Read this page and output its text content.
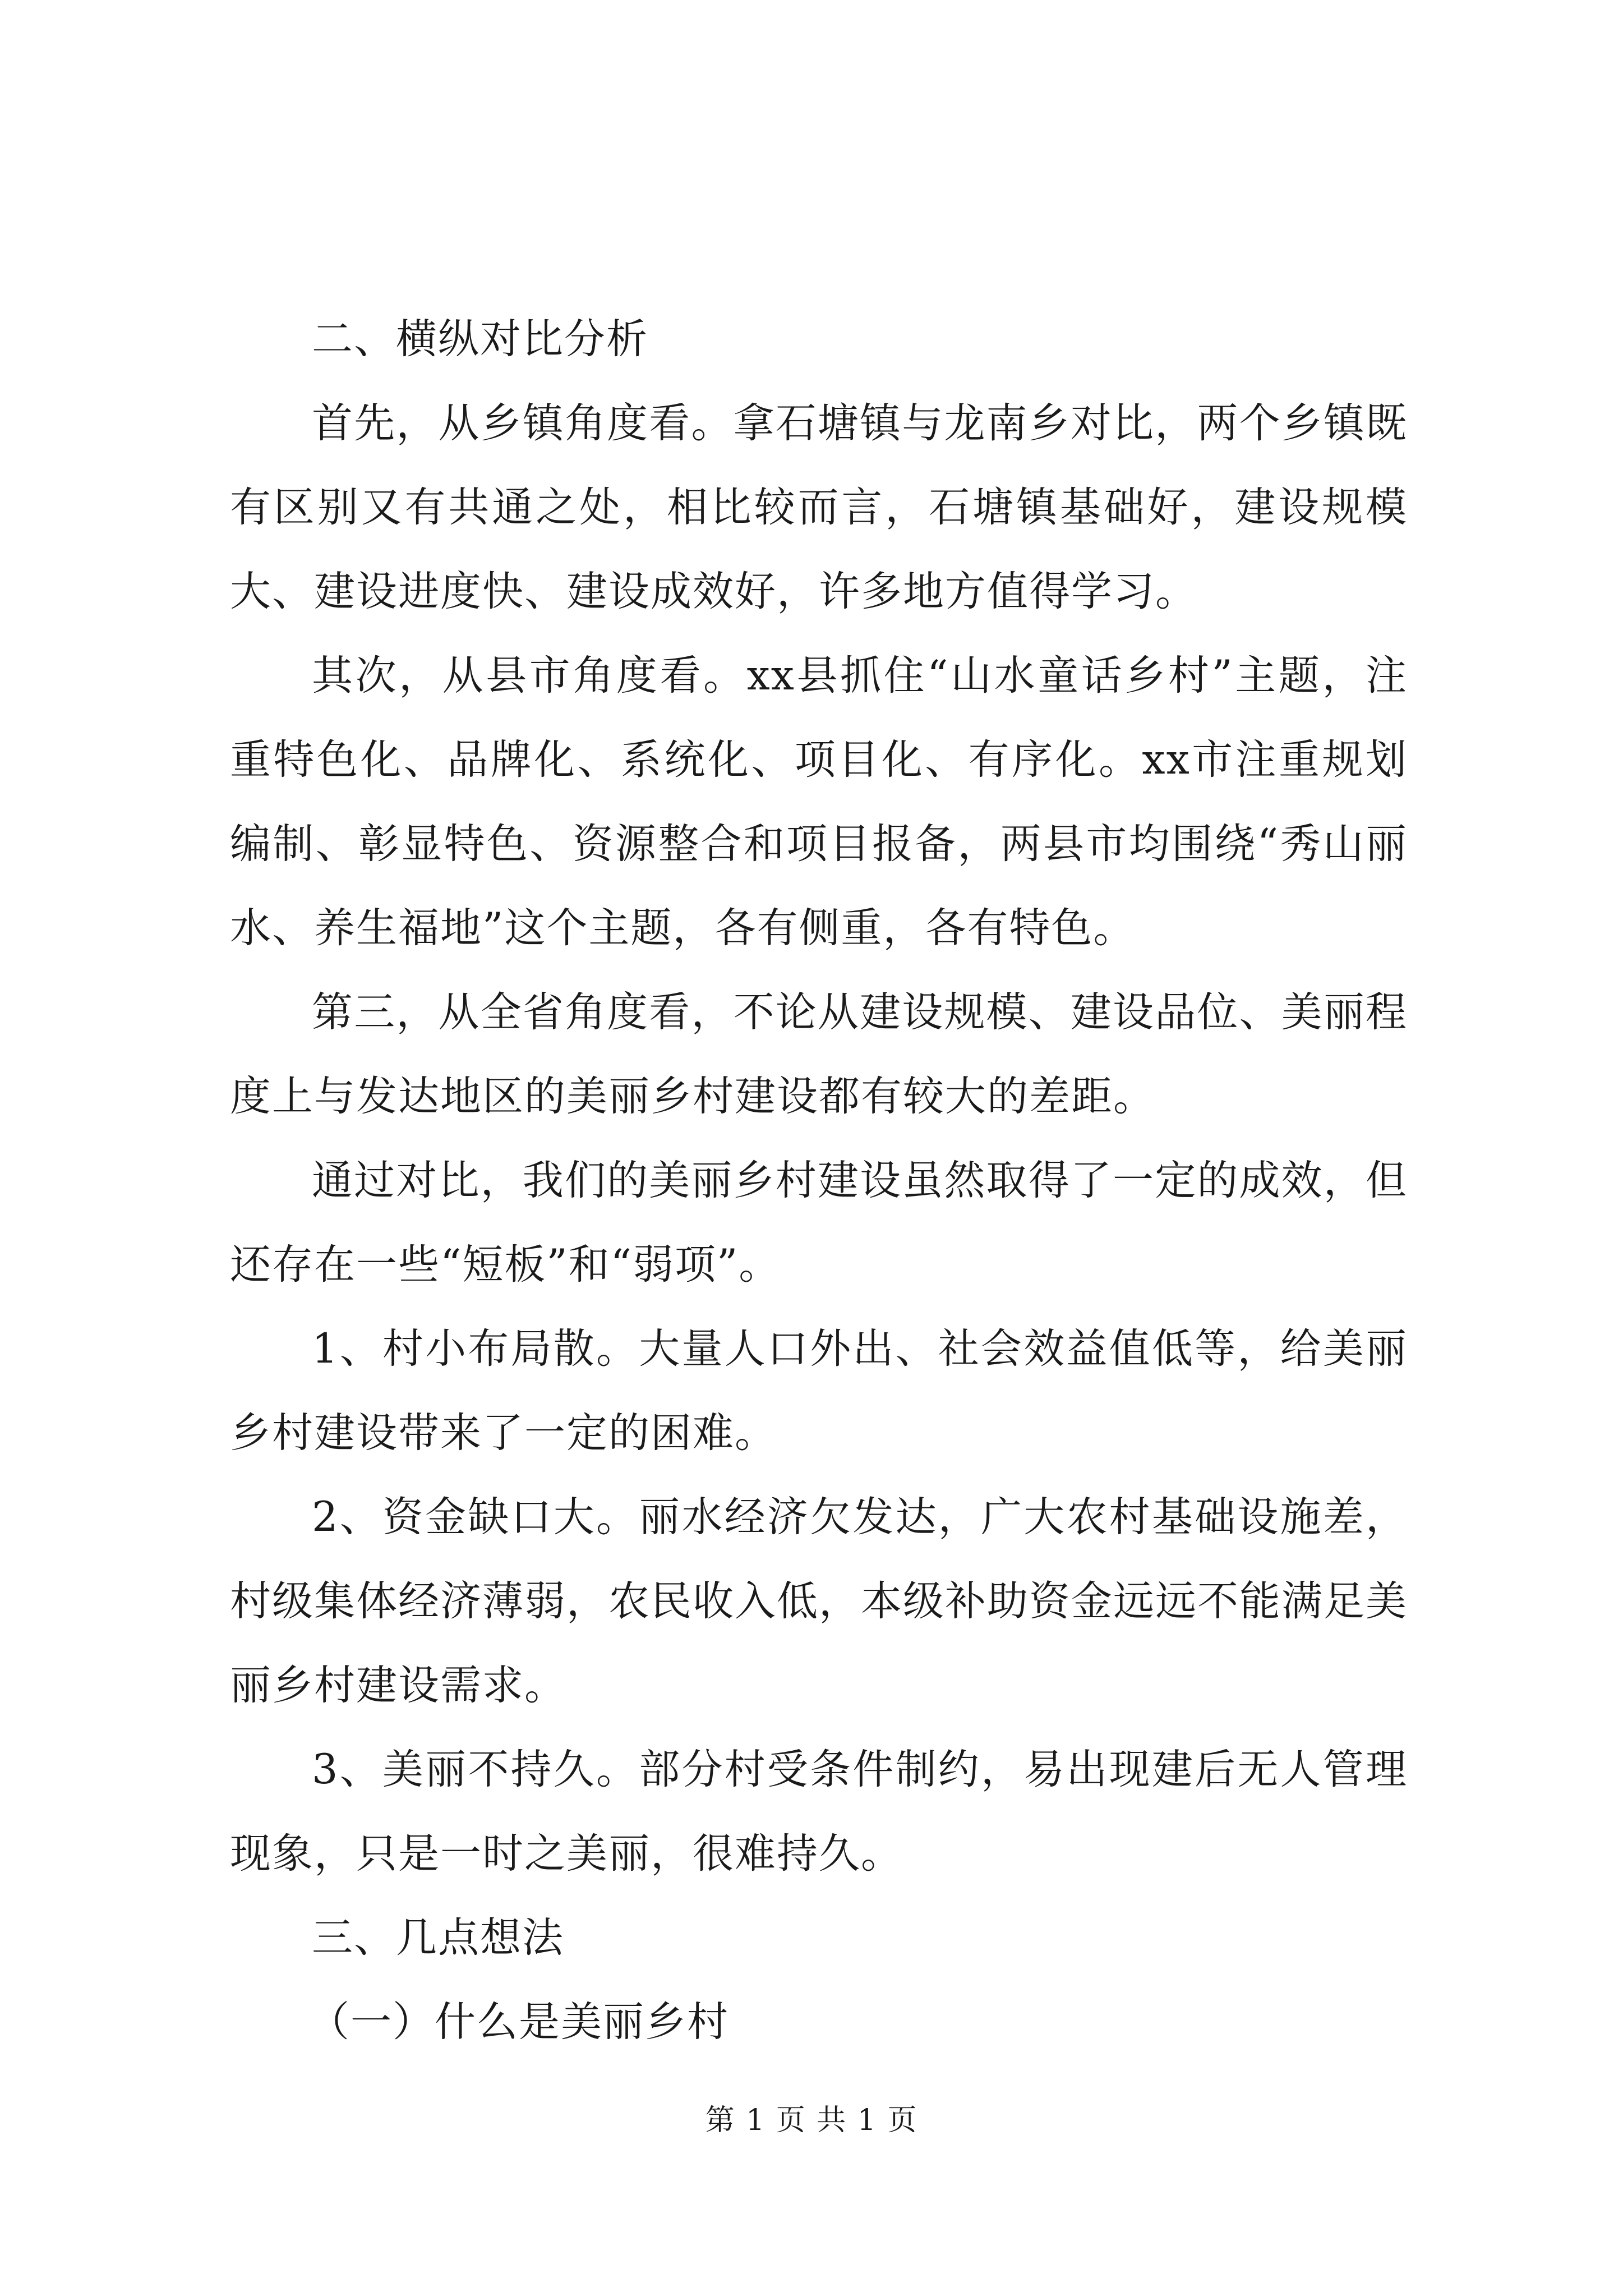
二、横纵对比分析

首先，从乡镇角度看。拿石塘镇与龙南乡对比，两个乡镇既有区别又有共通之处，相比较而言，石塘镇基础好，建设规模大、建设进度快、建设成效好，许多地方值得学习。

其次，从县市角度看。xx县抓住“山水童话乡村”主题，注重特色化、品牌化、系统化、项目化、有序化。xx市注重规划编制、彰显特色、资源整合和项目报备，两县市均围绕“秀山丽水、养生福地”这个主题，各有侧重，各有特色。

第三，从全省角度看，不论从建设规模、建设品位、美丽程度上与发达地区的美丽乡村建设都有较大的差距。

通过对比，我们的美丽乡村建设虽然取得了一定的成效，但还存在一些“短板”和“弱项”。

1、村小布局散。大量人口外出、社会效益值低等，给美丽乡村建设带来了一定的困难。

2、资金缺口大。丽水经济欠发达，广大农村基础设施差，村级集体经济薄弱，农民收入低，本级补助资金远远不能满足美丽乡村建设需求。

3、美丽不持久。部分村受条件制约，易出现建后无人管理现象，只是一时之美丽，很难持久。

三、几点想法

（一）什么是美丽乡村

第 1 页 共 1 页
